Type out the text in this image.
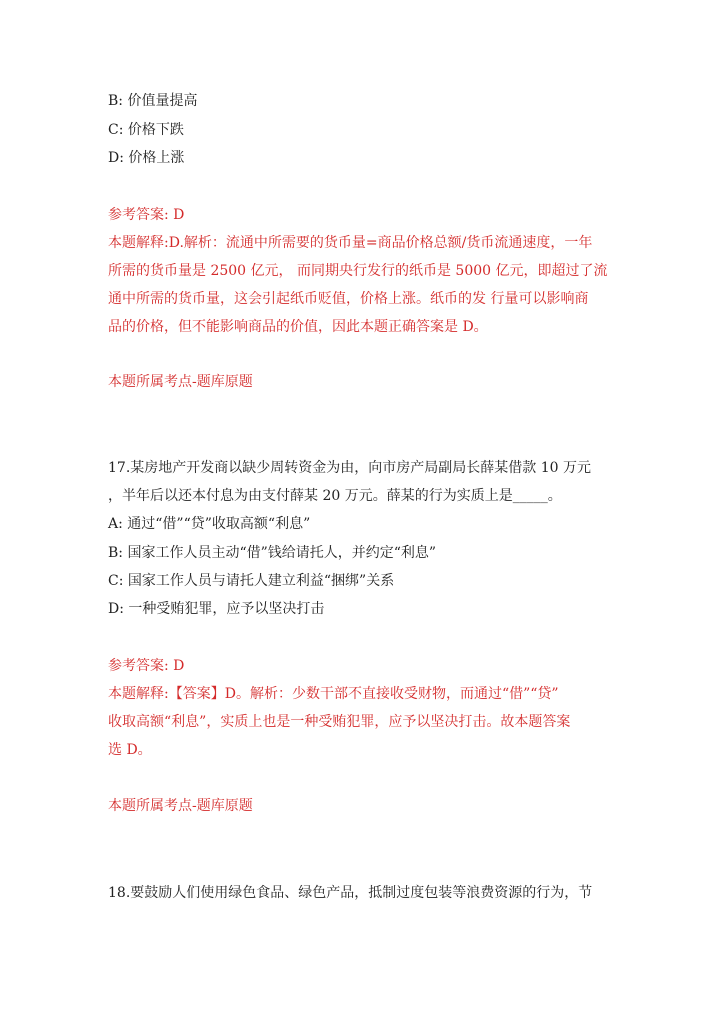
B: 价值量提高
C: 价格下跌
D: 价格上涨
参考答案: D
本题解释:D.解析：流通中所需要的货币量=商品价格总额/货币流通速度，一年
所需的货币量是 2500 亿元， 而同期央行发行的纸币是 5000 亿元，即超过了流
通中所需的货币量，这会引起纸币贬值，价格上涨。纸币的发 行量可以影响商
品的价格，但不能影响商品的价值，因此本题正确答案是 D。
本题所属考点-题库原题
17.某房地产开发商以缺少周转资金为由，向市房产局副局长薛某借款 10 万元
，半年后以还本付息为由支付薛某 20 万元。薛某的行为实质上是_____。
A: 通过“借”“贷”收取高额“利息”
B: 国家工作人员主动“借”钱给请托人，并约定“利息”
C: 国家工作人员与请托人建立利益“捆绑”关系
D: 一种受贿犯罪，应予以坚决打击
参考答案: D
本题解释:【答案】D。解析：少数干部不直接收受财物，而通过“借”“贷”
收取高额“利息”，实质上也是一种受贿犯罪，应予以坚决打击。故本题答案
选 D。
本题所属考点-题库原题
18.要鼓励人们使用绿色食品、绿色产品，抵制过度包装等浪费资源的行为，节
